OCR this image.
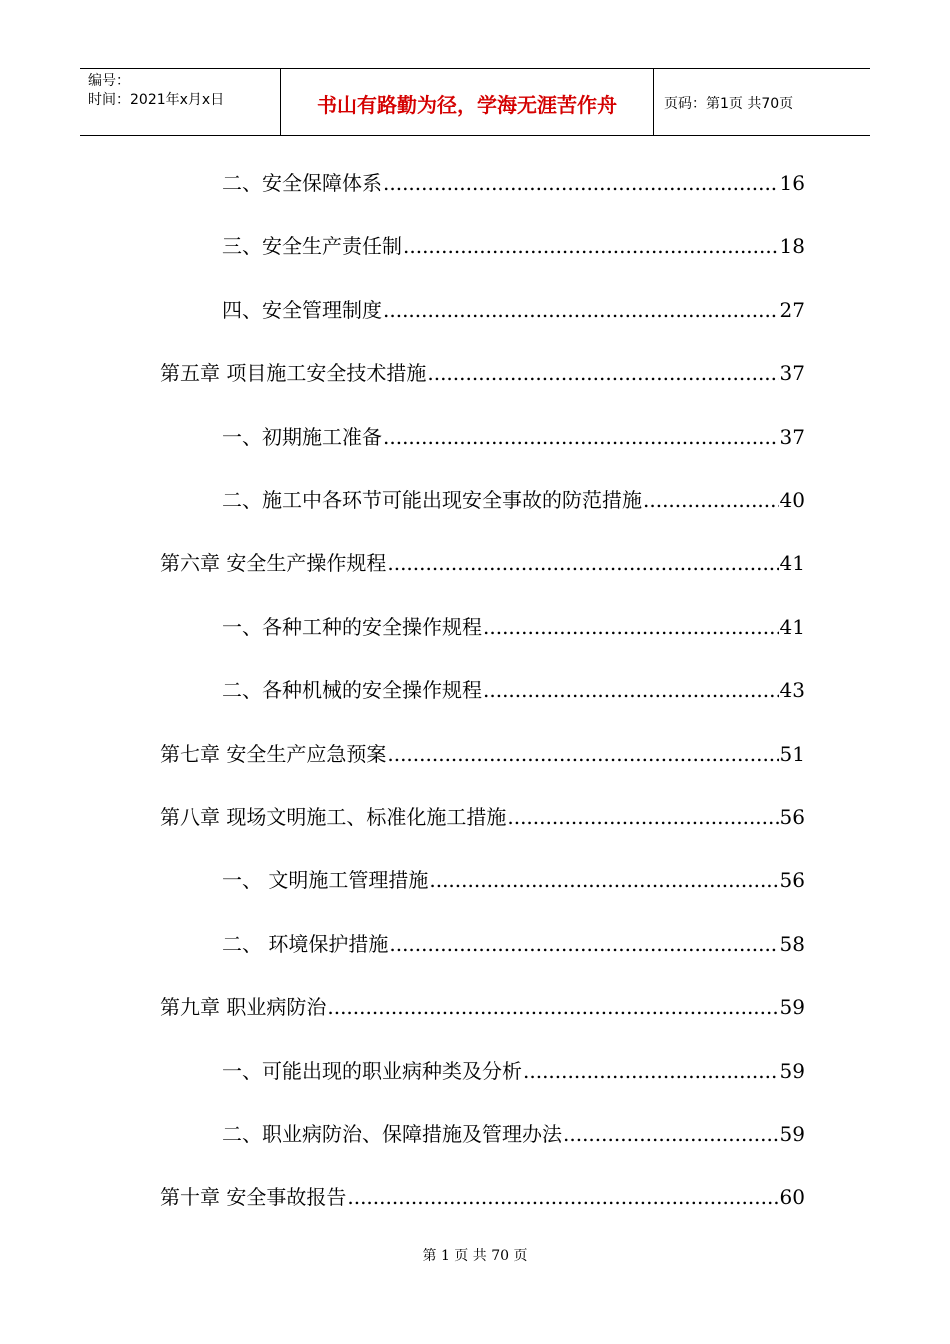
编号：
时间：2021年x月x日	书山有路勤为径，学海无涯苦作舟	页码：第1页 共70页
二、安全保障体系 .....	16
三、安全生产责任制 .....	18
四、安全管理制度 .....	27
第五章 项目施工安全技术措施 .....	37
一、初期施工准备 .....	37
二、施工中各环节可能出现安全事故的防范措施 .....	40
第六章 安全生产操作规程 .....	41
一、各种工种的安全操作规程 .....	41
二、各种机械的安全操作规程 .....	43
第七章 安全生产应急预案 .....	51
第八章 现场文明施工、标准化施工措施 .....	56
一、 文明施工管理措施 .....	56
二、 环境保护措施 .....	58
第九章 职业病防治 .....	59
一、可能出现的职业病种类及分析 .....	59
二、职业病防治、保障措施及管理办法 .....	59
第十章 安全事故报告 .....	60
第 1 页 共 70 页
